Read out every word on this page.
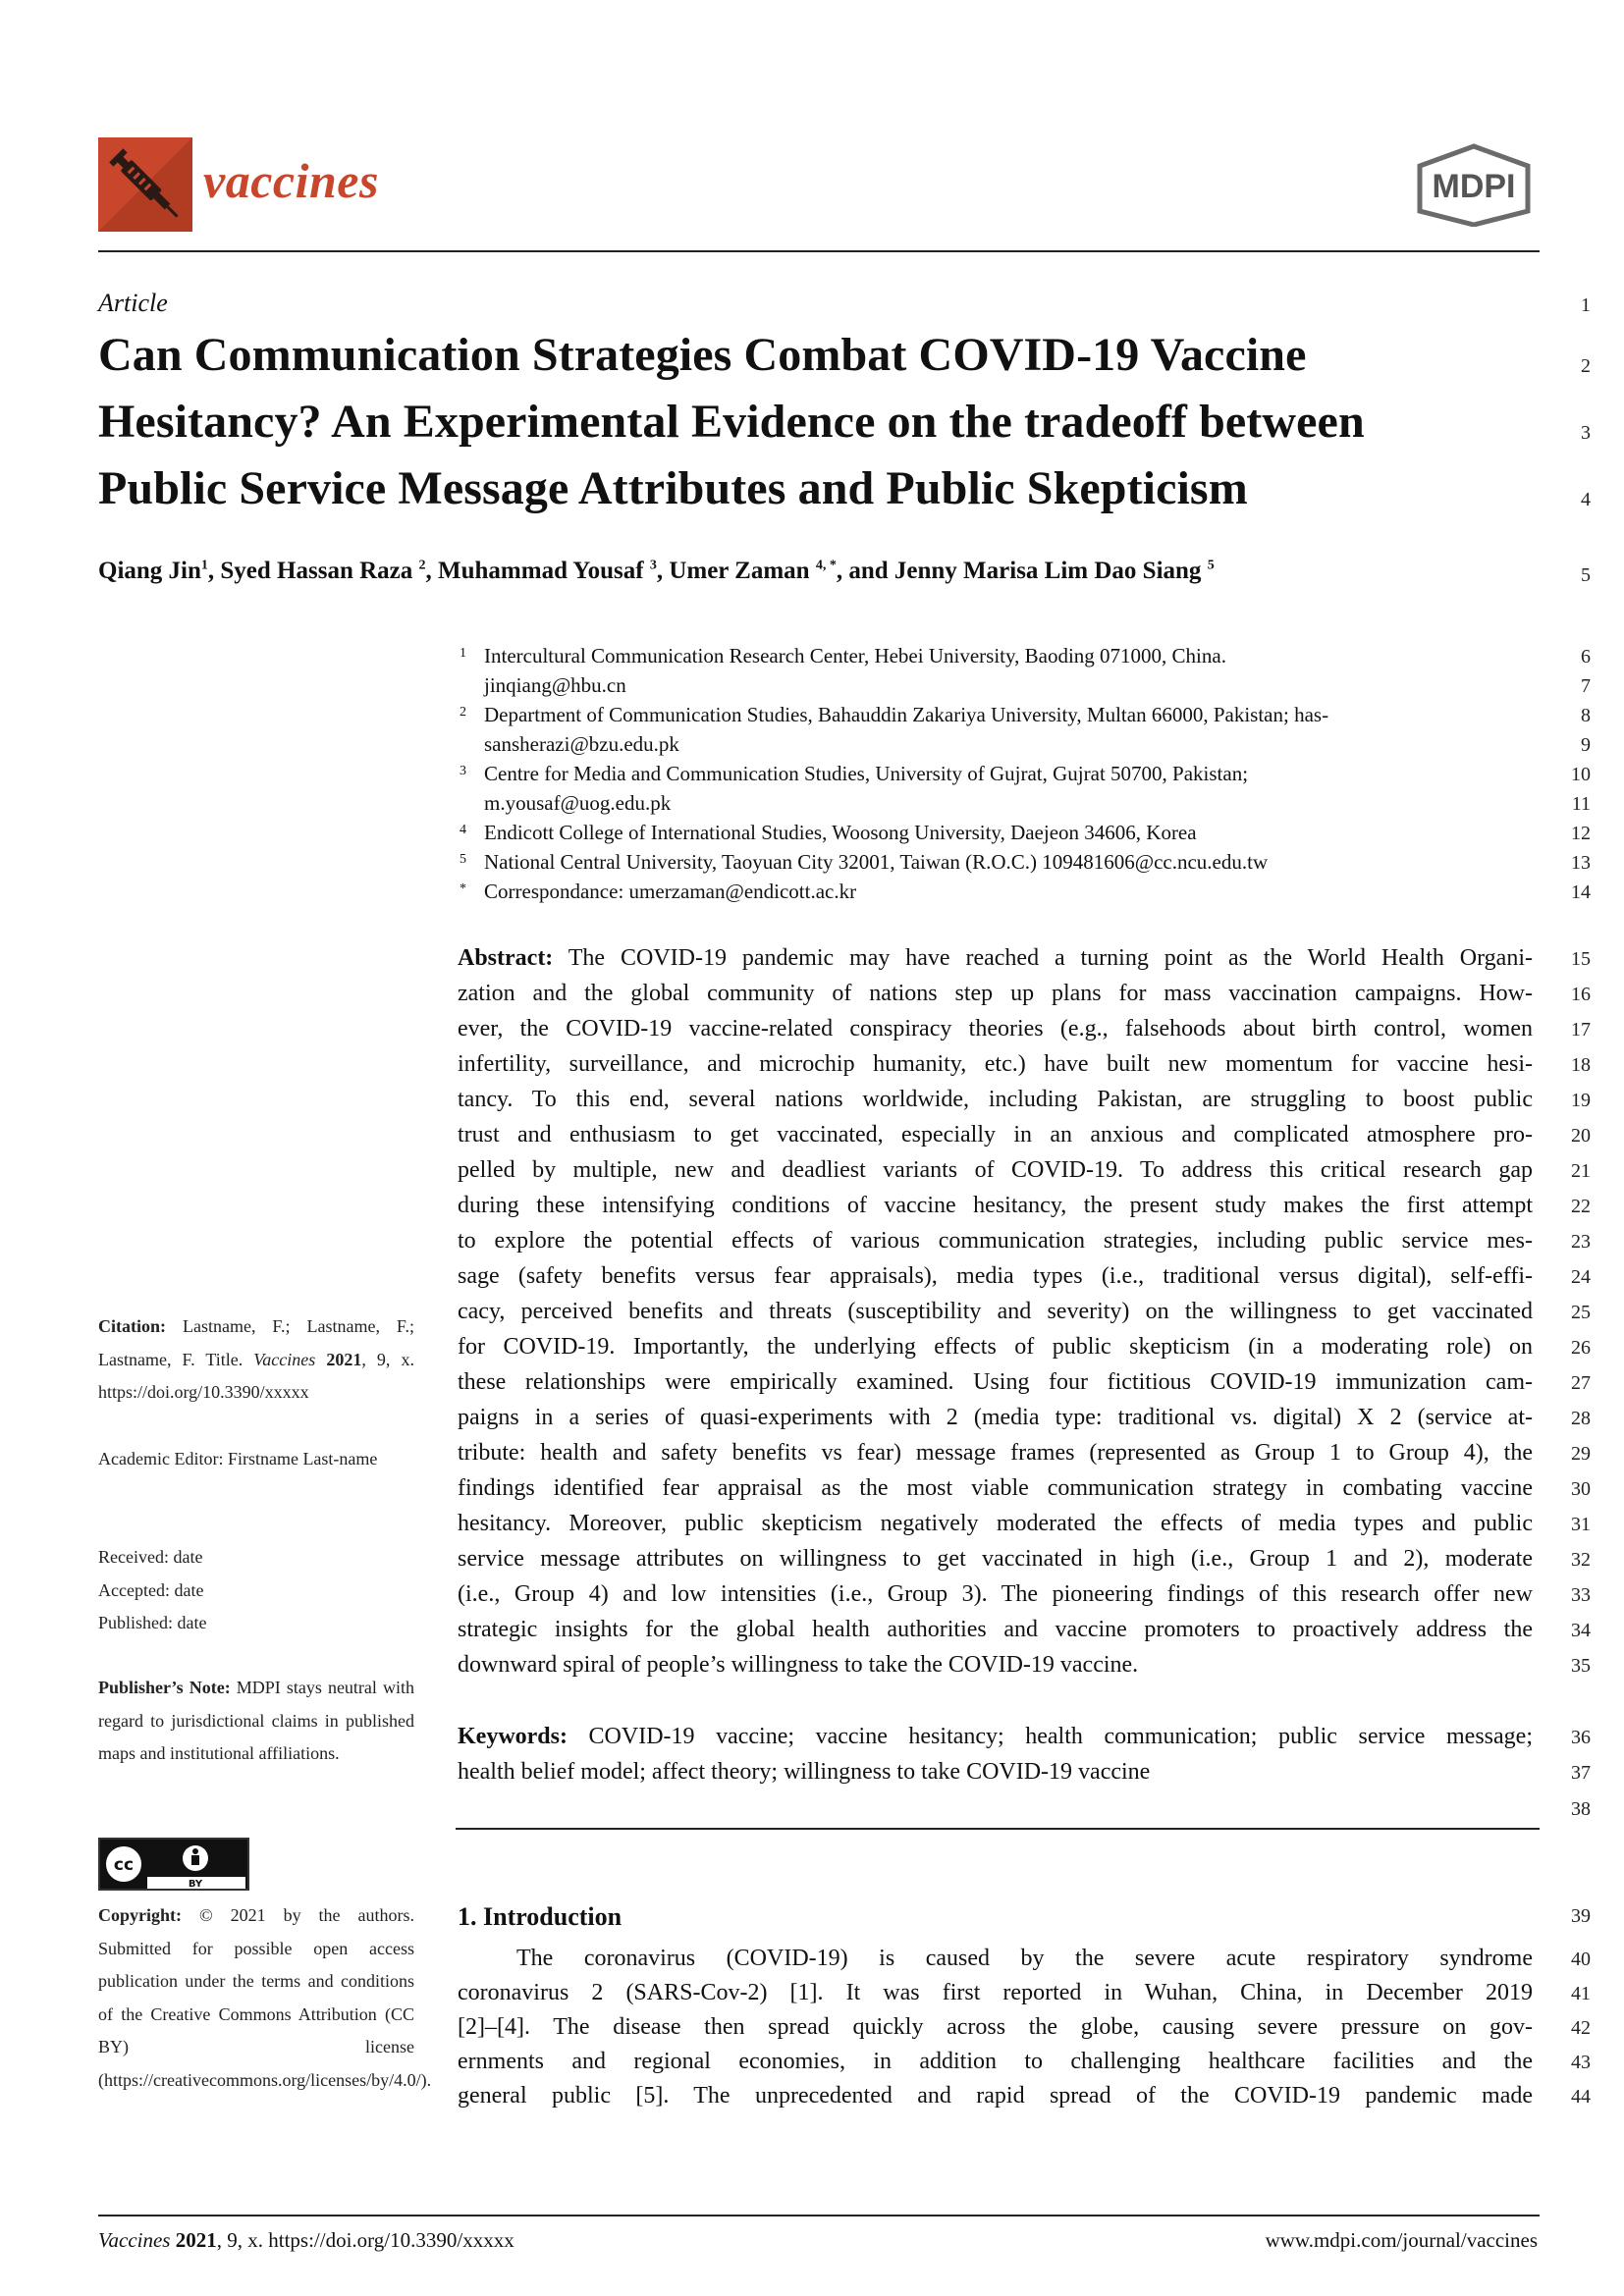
vaccines	MDPI
Article
Can Communication Strategies Combat COVID-19 Vaccine
Hesitancy? An Experimental Evidence on the tradeoff between
Public Service Message Attributes and Public Skepticism
Qiang Jin$^1$, Syed Hassan Raza $^2$, Muhammad Yousaf $^3$, Umer Zaman $^{4, *}$, and Jenny Marisa Lim Dao Siang $^5$
1 Intercultural Communication Research Center, Hebei University, Baoding 071000, China.
jinqiang@hbu.cn
2 Department of Communication Studies, Bahauddin Zakariya University, Multan 66000, Pakistan; has-
sansherazi@bzu.edu.pk
3 Centre for Media and Communication Studies, University of Gujrat, Gujrat 50700, Pakistan;
m.yousaf@uog.edu.pk
4 Endicott College of International Studies, Woosong University, Daejeon 34606, Korea
5 National Central University, Taoyuan City 32001, Taiwan (R.O.C.) 109481606@cc.ncu.edu.tw
* Correspondance: umerzaman@endicott.ac.kr
Abstract: The COVID-19 pandemic may have reached a turning point as the World Health Organi-
zation and the global community of nations step up plans for mass vaccination campaigns. How-
ever, the COVID-19 vaccine-related conspiracy theories (e.g., falsehoods about birth control, women
infertility, surveillance, and microchip humanity, etc.) have built new momentum for vaccine hesi-
tancy. To this end, several nations worldwide, including Pakistan, are struggling to boost public
trust and enthusiasm to get vaccinated, especially in an anxious and complicated atmosphere pro-
pelled by multiple, new and deadliest variants of COVID-19. To address this critical research gap
during these intensifying conditions of vaccine hesitancy, the present study makes the first attempt
to explore the potential effects of various communication strategies, including public service mes-
sage (safety benefits versus fear appraisals), media types (i.e., traditional versus digital), self-effi-
cacy, perceived benefits and threats (susceptibility and severity) on the willingness to get vaccinated
for COVID-19. Importantly, the underlying effects of public skepticism (in a moderating role) on
these relationships were empirically examined. Using four fictitious COVID-19 immunization cam-
paigns in a series of quasi-experiments with 2 (media type: traditional vs. digital) X 2 (service at-
tribute: health and safety benefits vs fear) message frames (represented as Group 1 to Group 4), the
findings identified fear appraisal as the most viable communication strategy in combating vaccine
hesitancy. Moreover, public skepticism negatively moderated the effects of media types and public
service message attributes on willingness to get vaccinated in high (i.e., Group 1 and 2), moderate
(i.e., Group 4) and low intensities (i.e., Group 3). The pioneering findings of this research offer new
strategic insights for the global health authorities and vaccine promoters to proactively address the
downward spiral of people’s willingness to take the COVID-19 vaccine.
Keywords: COVID-19 vaccine; vaccine hesitancy; health communication; public service message;
health belief model; affect theory; willingness to take COVID-19 vaccine
1. Introduction
The coronavirus (COVID-19) is caused by the severe acute respiratory syndrome
coronavirus 2 (SARS-Cov-2) [1]. It was first reported in Wuhan, China, in December 2019
[2]–[4]. The disease then spread quickly across the globe, causing severe pressure on gov-
ernments and regional economies, in addition to challenging healthcare facilities and the
general public [5]. The unprecedented and rapid spread of the COVID-19 pandemic made

Citation: Lastname, F.; Lastname, F.; Lastname, F. Title. Vaccines 2021, 9, x. https://doi.org/10.3390/xxxxx

Academic Editor: Firstname Last-name

Received: date

Accepted: date

Published: date

Publisher’s Note: MDPI stays neutral with regard to jurisdictional claims in published maps and institutional affiliations.

cc
BY

Copyright: © 2021 by the authors. Submitted for possible open access publication under the terms and conditions of the Creative Commons Attribution (CC BY) license (https://creativecommons.org/licenses/by/4.0/).

1
2
3
4
5
6
7
8
9
10
11
12
13
14
15
16
17
18
19
20
21
22
23
24
25
26
27
28
29
30
31
32
33
34
35
36
37
38
39
40
41
42
43
44
Vaccines 2021, 9, x. https://doi.org/10.3390/xxxxx	www.mdpi.com/journal/vaccines
